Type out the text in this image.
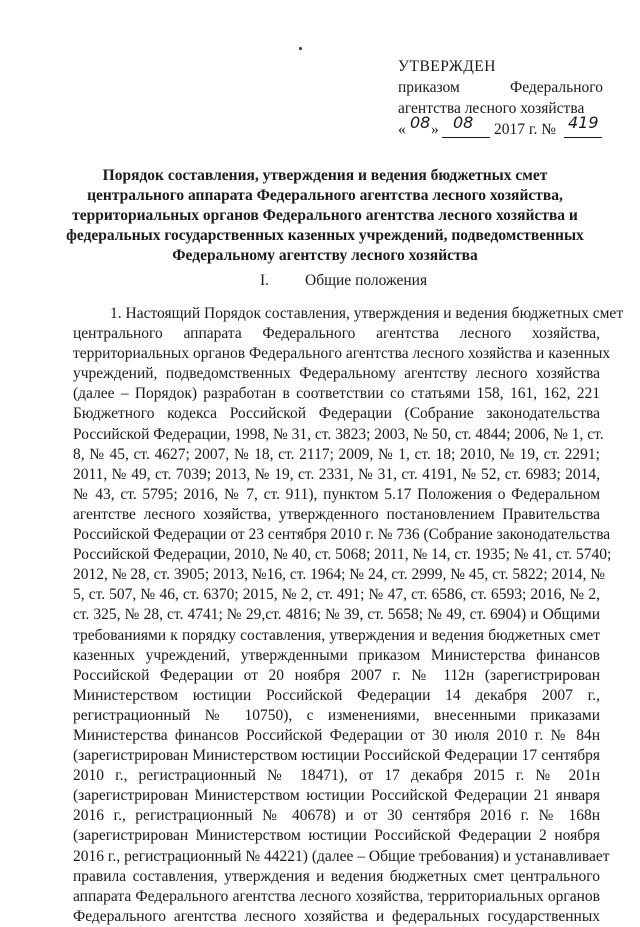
УТВЕРЖДЕН
приказом	Федерального
агентства лесного хозяйства
« 08 » 08 2017 г. № 419
Порядок составления, утверждения и ведения бюджетных смет
центрального аппарата Федерального агентства лесного хозяйства,
территориальных органов Федерального агентства лесного хозяйства и
федеральных государственных казенных учреждений, подведомственных
Федеральному агентству лесного хозяйства
I. Общие положения
1. Настоящий Порядок составления, утверждения и ведения бюджетных смет
центрального аппарата Федерального агентства лесного хозяйства,
территориальных органов Федерального агентства лесного хозяйства и казенных
учреждений, подведомственных Федеральному агентству лесного хозяйства
(далее – Порядок) разработан в соответствии со статьями 158, 161, 162, 221
Бюджетного кодекса Российской Федерации (Собрание законодательства
Российской Федерации, 1998, № 31, ст. 3823; 2003, № 50, ст. 4844; 2006, № 1, ст.
8, № 45, ст. 4627; 2007, № 18, ст. 2117; 2009, № 1, ст. 18; 2010, № 19, ст. 2291;
2011, № 49, ст. 7039; 2013, № 19, ст. 2331, № 31, ст. 4191, № 52, ст. 6983; 2014,
№ 43, ст. 5795; 2016, № 7, ст. 911), пунктом 5.17 Положения о Федеральном
агентстве лесного хозяйства, утвержденного постановлением Правительства
Российской Федерации от 23 сентября 2010 г. № 736 (Собрание законодательства
Российской Федерации, 2010, № 40, ст. 5068; 2011, № 14, ст. 1935; № 41, ст. 5740;
2012, № 28, ст. 3905; 2013, №16, ст. 1964; № 24, ст. 2999, № 45, ст. 5822; 2014, №
5, ст. 507, № 46, ст. 6370; 2015, № 2, ст. 491; № 47, ст. 6586, ст. 6593; 2016, № 2,
ст. 325, № 28, ст. 4741; № 29,ст. 4816; № 39, ст. 5658; № 49, ст. 6904) и Общими
требованиями к порядку составления, утверждения и ведения бюджетных смет
казенных учреждений, утвержденными приказом Министерства финансов
Российской Федерации от 20 ноября 2007 г. № 112н (зарегистрирован
Министерством юстиции Российской Федерации 14 декабря 2007 г.,
регистрационный № 10750), с изменениями, внесенными приказами
Министерства финансов Российской Федерации от 30 июля 2010 г. № 84н
(зарегистрирован Министерством юстиции Российской Федерации 17 сентября
2010 г., регистрационный № 18471), от 17 декабря 2015 г. № 201н
(зарегистрирован Министерством юстиции Российской Федерации 21 января
2016 г., регистрационный № 40678) и от 30 сентября 2016 г. № 168н
(зарегистрирован Министерством юстиции Российской Федерации 2 ноября
2016 г., регистрационный № 44221) (далее – Общие требования) и устанавливает
правила составления, утверждения и ведения бюджетных смет центрального
аппарата Федерального агентства лесного хозяйства, территориальных органов
Федерального агентства лесного хозяйства и федеральных государственных
